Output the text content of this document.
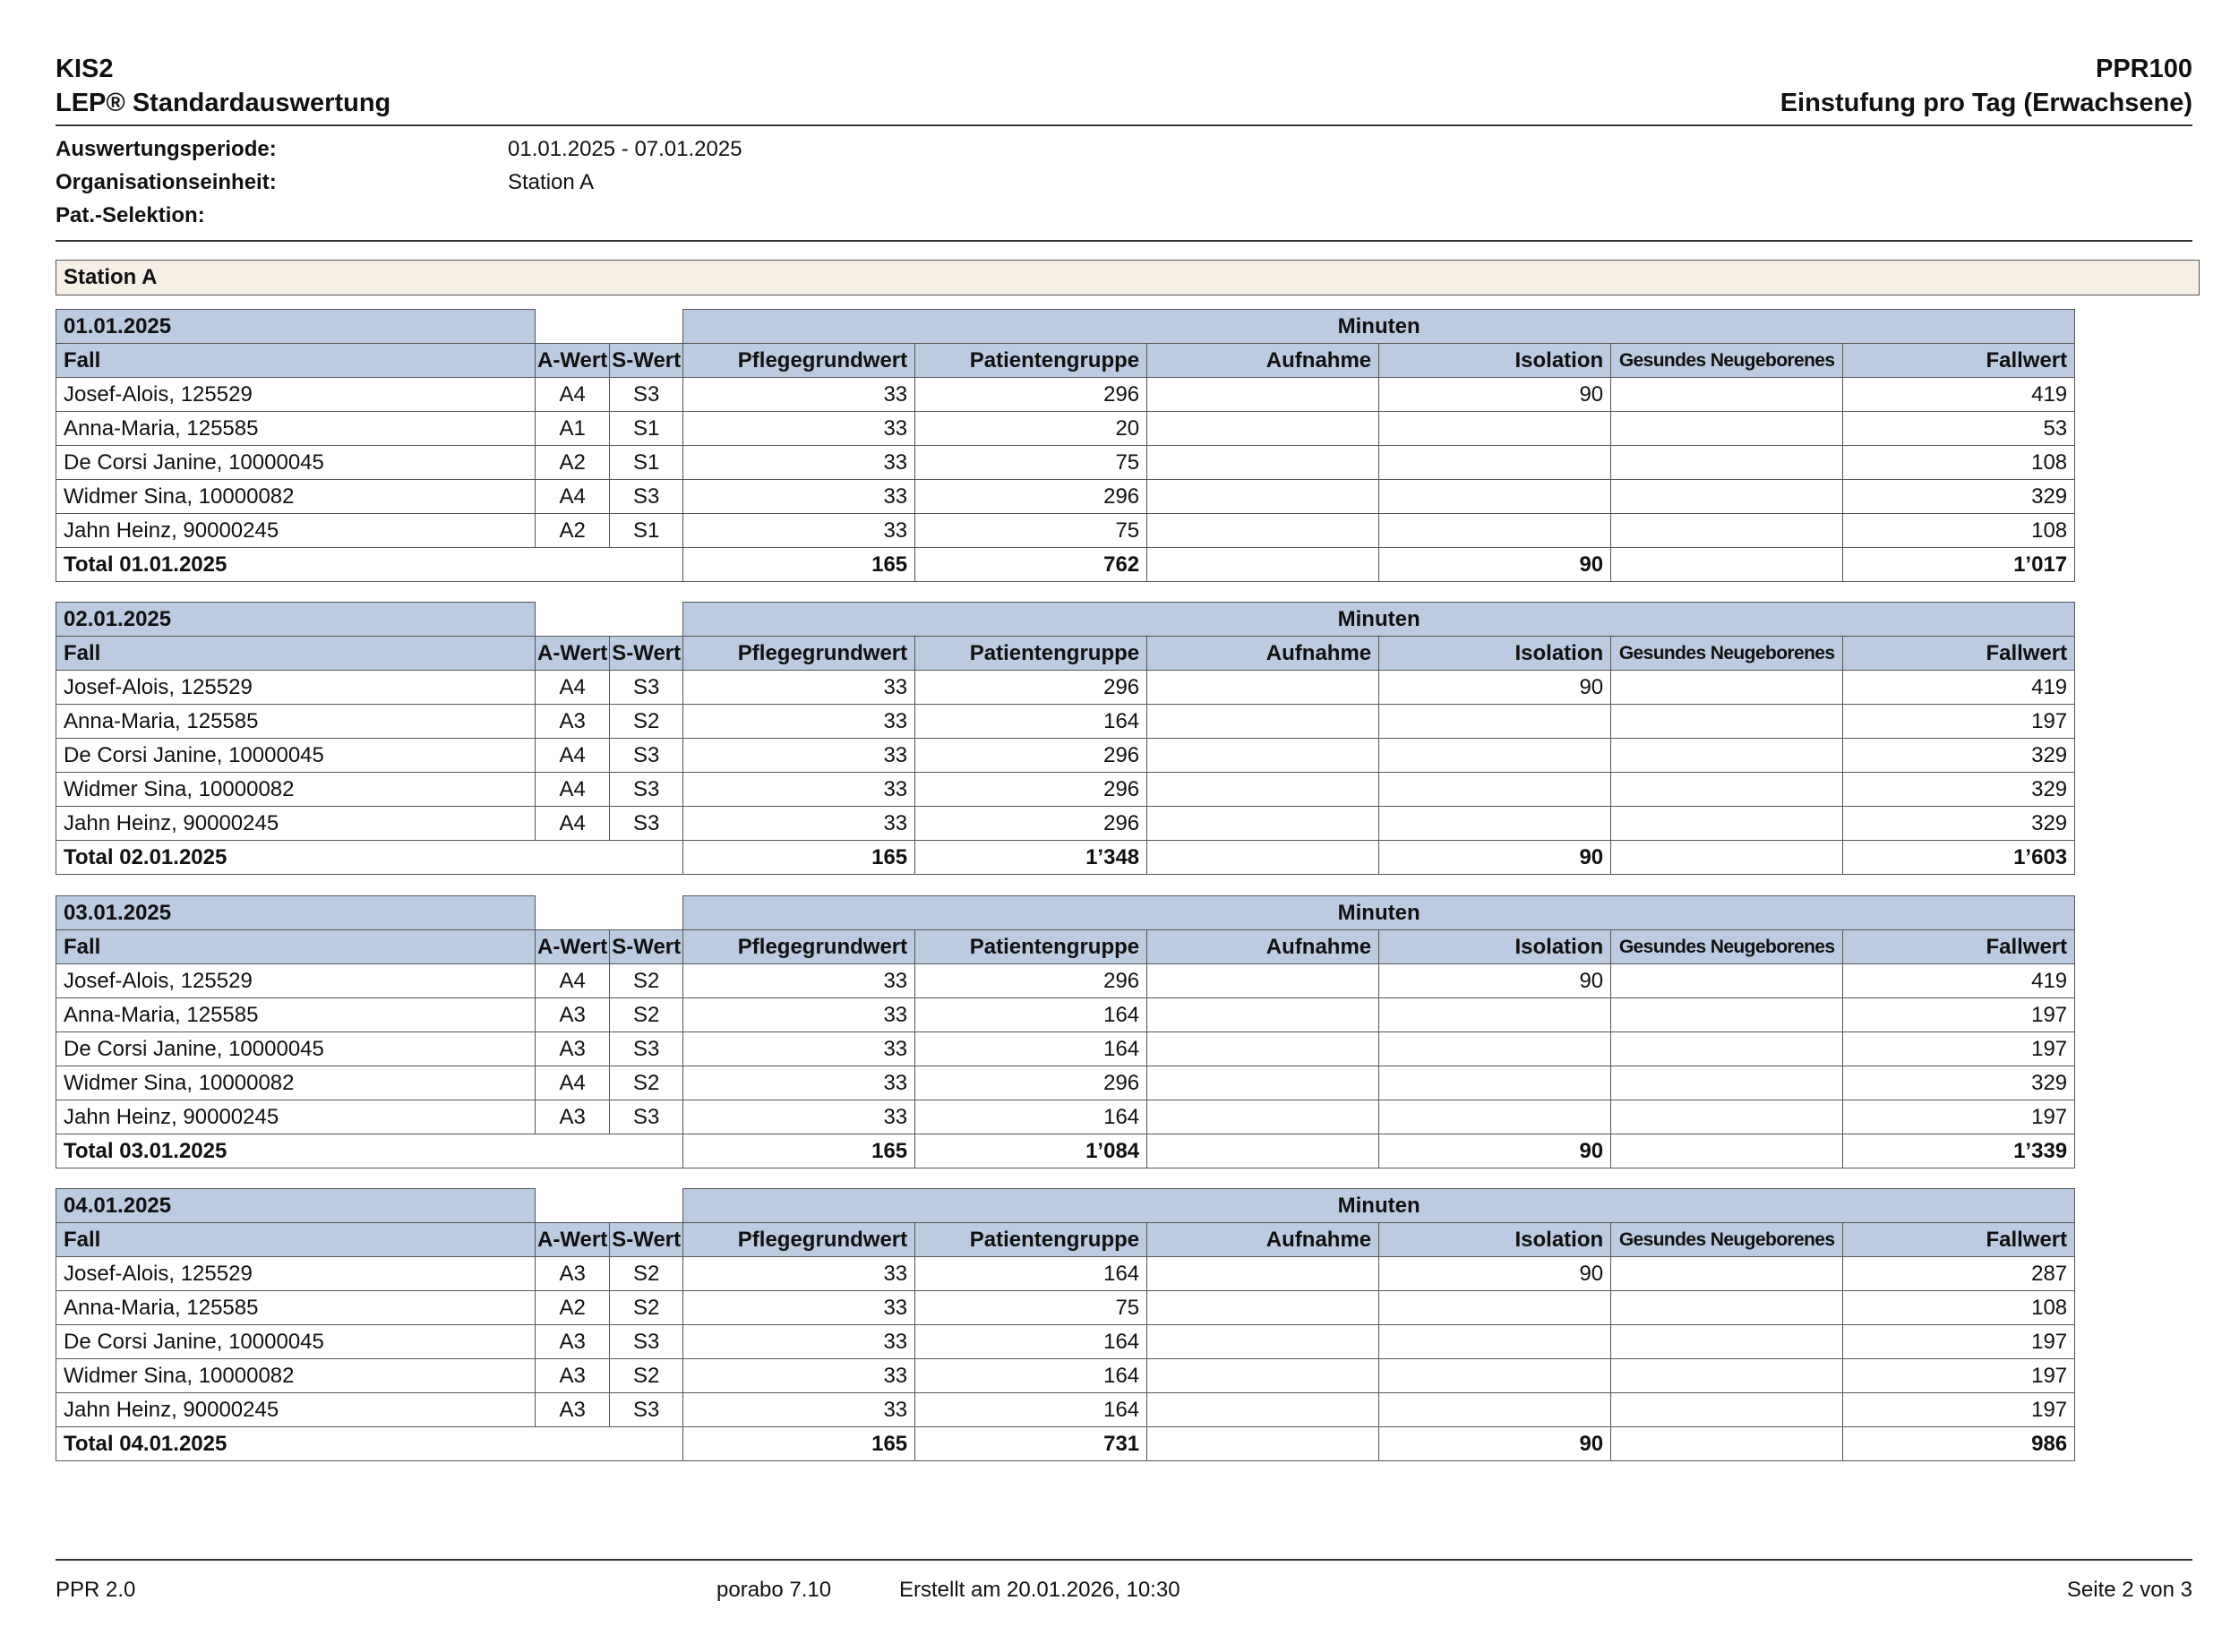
KIS2
LEP® Standardauswertung
PPR100
Einstufung pro Tag (Erwachsene)
Auswertungsperiode:	01.01.2025 - 07.01.2025
Organisationseinheit:	Station A
Pat.-Selektion:
Station A
01.01.2025			Minuten					
Fall	A-Wert	S-Wert	Pflegegrundwert	Patientengruppe	Aufnahme	Isolation	Gesundes Neugeborenes	Fallwert
Josef-Alois, 125529	A4	S3	33	296		90		419
Anna-Maria, 125585	A1	S1	33	20				53
De Corsi Janine, 10000045	A2	S1	33	75				108
Widmer Sina, 10000082	A4	S3	33	296				329
Jahn Heinz, 90000245	A2	S1	33	75				108
Total 01.01.2025			165	762		90		1’017
02.01.2025			Minuten					
Fall	A-Wert	S-Wert	Pflegegrundwert	Patientengruppe	Aufnahme	Isolation	Gesundes Neugeborenes	Fallwert
Josef-Alois, 125529	A4	S3	33	296		90		419
Anna-Maria, 125585	A3	S2	33	164				197
De Corsi Janine, 10000045	A4	S3	33	296				329
Widmer Sina, 10000082	A4	S3	33	296				329
Jahn Heinz, 90000245	A4	S3	33	296				329
Total 02.01.2025			165	1’348		90		1’603
03.01.2025			Minuten					
Fall	A-Wert	S-Wert	Pflegegrundwert	Patientengruppe	Aufnahme	Isolation	Gesundes Neugeborenes	Fallwert
Josef-Alois, 125529	A4	S2	33	296		90		419
Anna-Maria, 125585	A3	S2	33	164				197
De Corsi Janine, 10000045	A3	S3	33	164				197
Widmer Sina, 10000082	A4	S2	33	296				329
Jahn Heinz, 90000245	A3	S3	33	164				197
Total 03.01.2025			165	1’084		90		1’339
04.01.2025			Minuten					
Fall	A-Wert	S-Wert	Pflegegrundwert	Patientengruppe	Aufnahme	Isolation	Gesundes Neugeborenes	Fallwert
Josef-Alois, 125529	A3	S2	33	164		90		287
Anna-Maria, 125585	A2	S2	33	75				108
De Corsi Janine, 10000045	A3	S3	33	164				197
Widmer Sina, 10000082	A3	S2	33	164				197
Jahn Heinz, 90000245	A3	S3	33	164				197
Total 04.01.2025			165	731		90		986
PPR 2.0	porabo 7.10	Erstellt am 20.01.2026, 10:30	Seite 2 von 3
